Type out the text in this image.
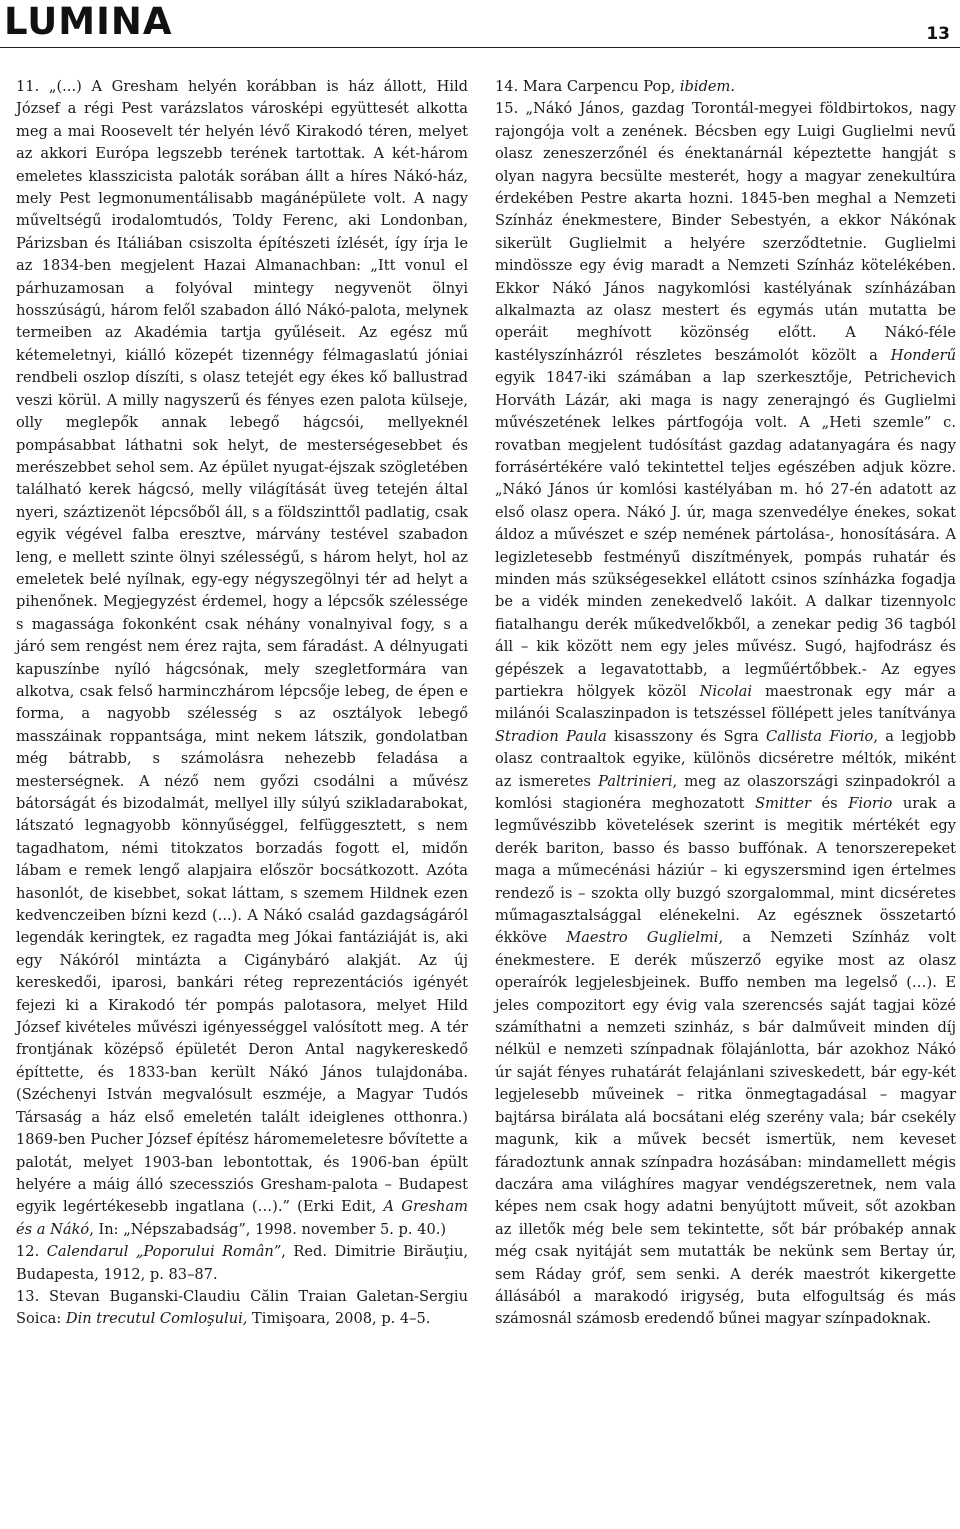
LUMINA	13

11. „(...) A Gresham helyén korábban is ház állott, Hild József a régi Pest varázslatos városképi együttesét alkotta meg a mai Roosevelt tér helyén lévő Kirakodó téren, melyet az akkori Európa legszebb terének tartottak. A két-három emeletes klasszicista paloták sorában állt a híres Nákó-ház, mely Pest legmonumentálisabb magánépülete volt. A nagy műveltségű irodalomtudós, Toldy Ferenc, aki Londonban, Párizsban és Itáliában csiszolta építészeti ízlését, így írja le az 1834-ben megjelent Hazai Almanachban: „Itt vonul el párhuzamosan a folyóval mintegy negyvenöt ölnyi hosszúságú, három felől szabadon álló Nákó-palota, melynek termeiben az Akadémia tartja gyűléseit. Az egész mű kétemeletnyi, kiálló közepét tizennégy félmagaslatú jóniai rendbeli oszlop díszíti, s olasz tetejét egy ékes kő ballustrad veszi körül. A milly nagyszerű és fényes ezen palota külseje, olly meglepők annak lebegő hágcsói, mellyeknél pompásabbat láthatni sok helyt, de mesterségesebbet és merészebbet sehol sem. Az épület nyugat-éjszak szögletében található kerek hágcsó, melly világítását üveg tetején által nyeri, száztizenöt lépcsőből áll, s a földszinttől padlatig, csak egyik végével falba eresztve, márvány testével szabadon leng, e mellett szinte ölnyi szélességű, s három helyt, hol az emeletek belé nyílnak, egy-egy négyszegölnyi tér ad helyt a pihenőnek. Megjegyzést érdemel, hogy a lépcsők szélessége s magassága fokonként csak néhány vonalnyival fogy, s a járó sem rengést nem érez rajta, sem fáradást. A délnyugati kapuszínbe nyíló hágcsónak, mely szegletformára van alkotva, csak felső harminczhárom lépcsője lebeg, de épen e forma, a nagyobb szélesség s az osztályok lebegő masszáinak roppantsága, mint nekem látszik, gondolatban még bátrabb, s számolásra nehezebb feladása a mesterségnek. A néző nem győzi csodálni a művész bátorságát és bizodalmát, mellyel illy súlyú szikladarabokat, látszató legnagyobb könnyűséggel, felfüggesztett, s nem tagadhatom, némi titokzatos borzadás fogott el, midőn lábam e remek lengő alapjaira először bocsátkozott. Azóta hasonlót, de kisebbet, sokat láttam, s szemem Hildnek ezen kedvenczeiben bízni kezd (...). A Nákó család gazdagságáról legendák keringtek, ez ragadta meg Jókai fantáziáját is, aki egy Nákóról mintázta a Cigánybáró alakját. Az új kereskedői, iparosi, bankári réteg reprezentációs igényét fejezi ki a Kirakodó tér pompás palotasora, melyet Hild József kivételes művészi igényességgel valósított meg. A tér frontjának középső épületét Deron Antal nagykereskedő építtette, és 1833-ban került Nákó János tulajdonába. (Széchenyi István megvalósult eszméje, a Magyar Tudós Társaság a ház első emeletén talált ideiglenes otthonra.) 1869-ben Pucher József építész háromemeletesre bővítette a palotát, melyet 1903-ban lebontottak, és 1906-ban épült helyére a máig álló szecessziós Gresham-palota – Budapest egyik legértékesebb ingatlana (…).” (Erki Edit, A Gresham és a Nákó, In: „Népszabadság”, 1998. november 5. p. 40.)

12. Calendarul „Poporului Român”, Red. Dimitrie Birăuţiu, Budapesta, 1912, p. 83–87.

13. Stevan Buganski-Claudiu Călin Traian Galetan-Sergiu Soica: Din trecutul Comloşului, Timişoara, 2008, p. 4–5.

14. Mara Carpencu Pop, ibidem.

15. „Nákó János, gazdag Torontál-megyei földbirtokos, nagy rajongója volt a zenének. Bécsben egy Luigi Guglielmi nevű olasz zeneszerzőnél és énektanárnál képeztette hangját s olyan nagyra becsülte mesterét, hogy a magyar zenekultúra érdekében Pestre akarta hozni. 1845-ben meghal a Nemzeti Színház énekmestere, Binder Sebestyén, a ekkor Nákónak sikerült Guglielmit a helyére szerződtetnie. Guglielmi mindössze egy évig maradt a Nemzeti Színház kötelékében. Ekkor Nákó János nagykomlósi kastélyának színházában alkalmazta az olasz mestert és egymás után mutatta be operáit meghívott közönség előtt. A Nákó-féle kastélyszínházról részletes beszámolót közölt a Honderű egyik 1847-iki számában a lap szerkesztője, Petrichevich Horváth Lázár, aki maga is nagy zenerajngó és Guglielmi művészetének lelkes pártfogója volt. A „Heti szemle” c. rovatban megjelent tudósítást gazdag adatanyagára és nagy forrásértékére való tekintettel teljes egészében adjuk közre. „Nákó János úr komlósi kastélyában m. hó 27-én adatott az első olasz opera. Nákó J. úr, maga szenvedélye énekes, sokat áldoz a művészet e szép nemének pártolása-, honosítására. A legizletesebb festményű diszítmények, pompás ruhatár és minden más szükségesekkel ellátott csinos színházka fogadja be a vidék minden zenekedvelő lakóit. A dalkar tizennyolc fiatalhangu derék műkedvelőkből, a zenekar pedig 36 tagból áll – kik között nem egy jeles művész. Sugó, hajfodrász és gépészek a legavatottabb, a legműértőbbek.- Az egyes partiekra hölgyek közöl Nicolai maestronak egy már a milánói Scalaszinpadon is tetszéssel föllépett jeles tanítványa Stradion Paula kisasszony és Sgra Callista Fiorio, a legjobb olasz contraaltok egyike, különös dicséretre méltók, miként az ismeretes Paltrinieri, meg az olaszországi szinpadokról a komlósi stagionéra meghozatott Smitter és Fiorio urak a legművészibb követelések szerint is megitik mértékét egy derék bariton, basso és basso buffónak. A tenorszerepeket maga a műmecénási háziúr – ki egyszersmind igen értelmes rendező is – szokta olly buzgó szorgalommal, mint dicséretes műmagasztalsággal elénekelni. Az egésznek összetartó ékköve Maestro Guglielmi, a Nemzeti Színház volt énekmestere. E derék műszerző egyike most az olasz operaírók legjelesbjeinek. Buffo nemben ma legelső (…). E jeles compozitort egy évig vala szerencsés saját tagjai közé számíthatni a nemzeti szinház, s bár dalműveit minden díj nélkül e nemzeti színpadnak fölajánlotta, bár azokhoz Nákó úr saját fényes ruhatárát felajánlani sziveskedett, bár egy-két legjelesebb műveinek – ritka önmegtagadásal – magyar bajtársa birálata alá bocsátani elég szerény vala; bár csekély magunk, kik a művek becsét ismertük, nem keveset fáradoztunk annak színpadra hozásában: mindamellett mégis daczára ama világhíres magyar vendégszeretnek, nem vala képes nem csak hogy adatni benyújtott műveit, sőt azokban az illetők még bele sem tekintette, sőt bár próbakép annak még csak nyitáját sem mutatták be nekünk sem Bertay úr, sem Ráday gróf, sem senki. A derék maestrót kikergette állásából a marakodó irigység, buta elfogultság és más számosnál számosb eredendő bűnei magyar színpadoknak.
